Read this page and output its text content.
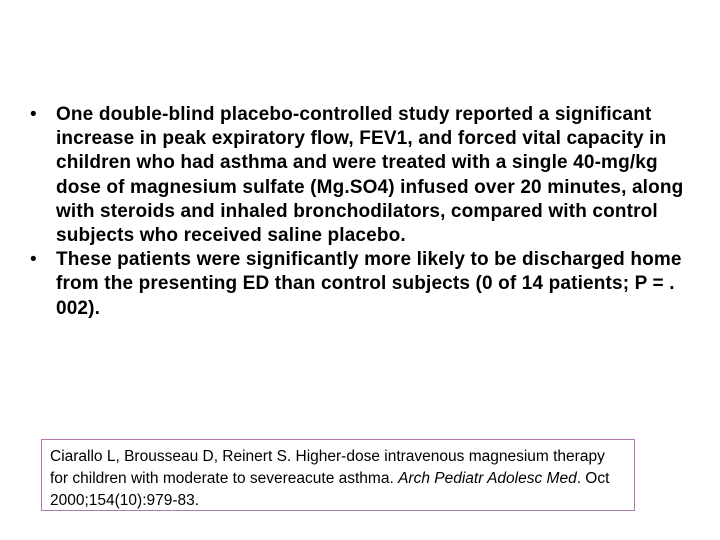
•	One double-blind placebo-controlled study reported a significant increase in peak expiratory flow, FEV1, and forced vital capacity in children who had asthma and were treated with a single 40-mg/kg dose of magnesium sulfate (Mg.SO4) infused over 20 minutes, along with steroids and inhaled bronchodilators, compared with control subjects who received saline placebo.
•	These patients were significantly more likely to be discharged home from the presenting ED than control subjects (0 of 14 patients; P = . 002).
Ciarallo L, Brousseau D, Reinert S. Higher-dose intravenous magnesium therapy for children with moderate to severeacute asthma. Arch Pediatr Adolesc Med. Oct 2000;154(10):979-83.
